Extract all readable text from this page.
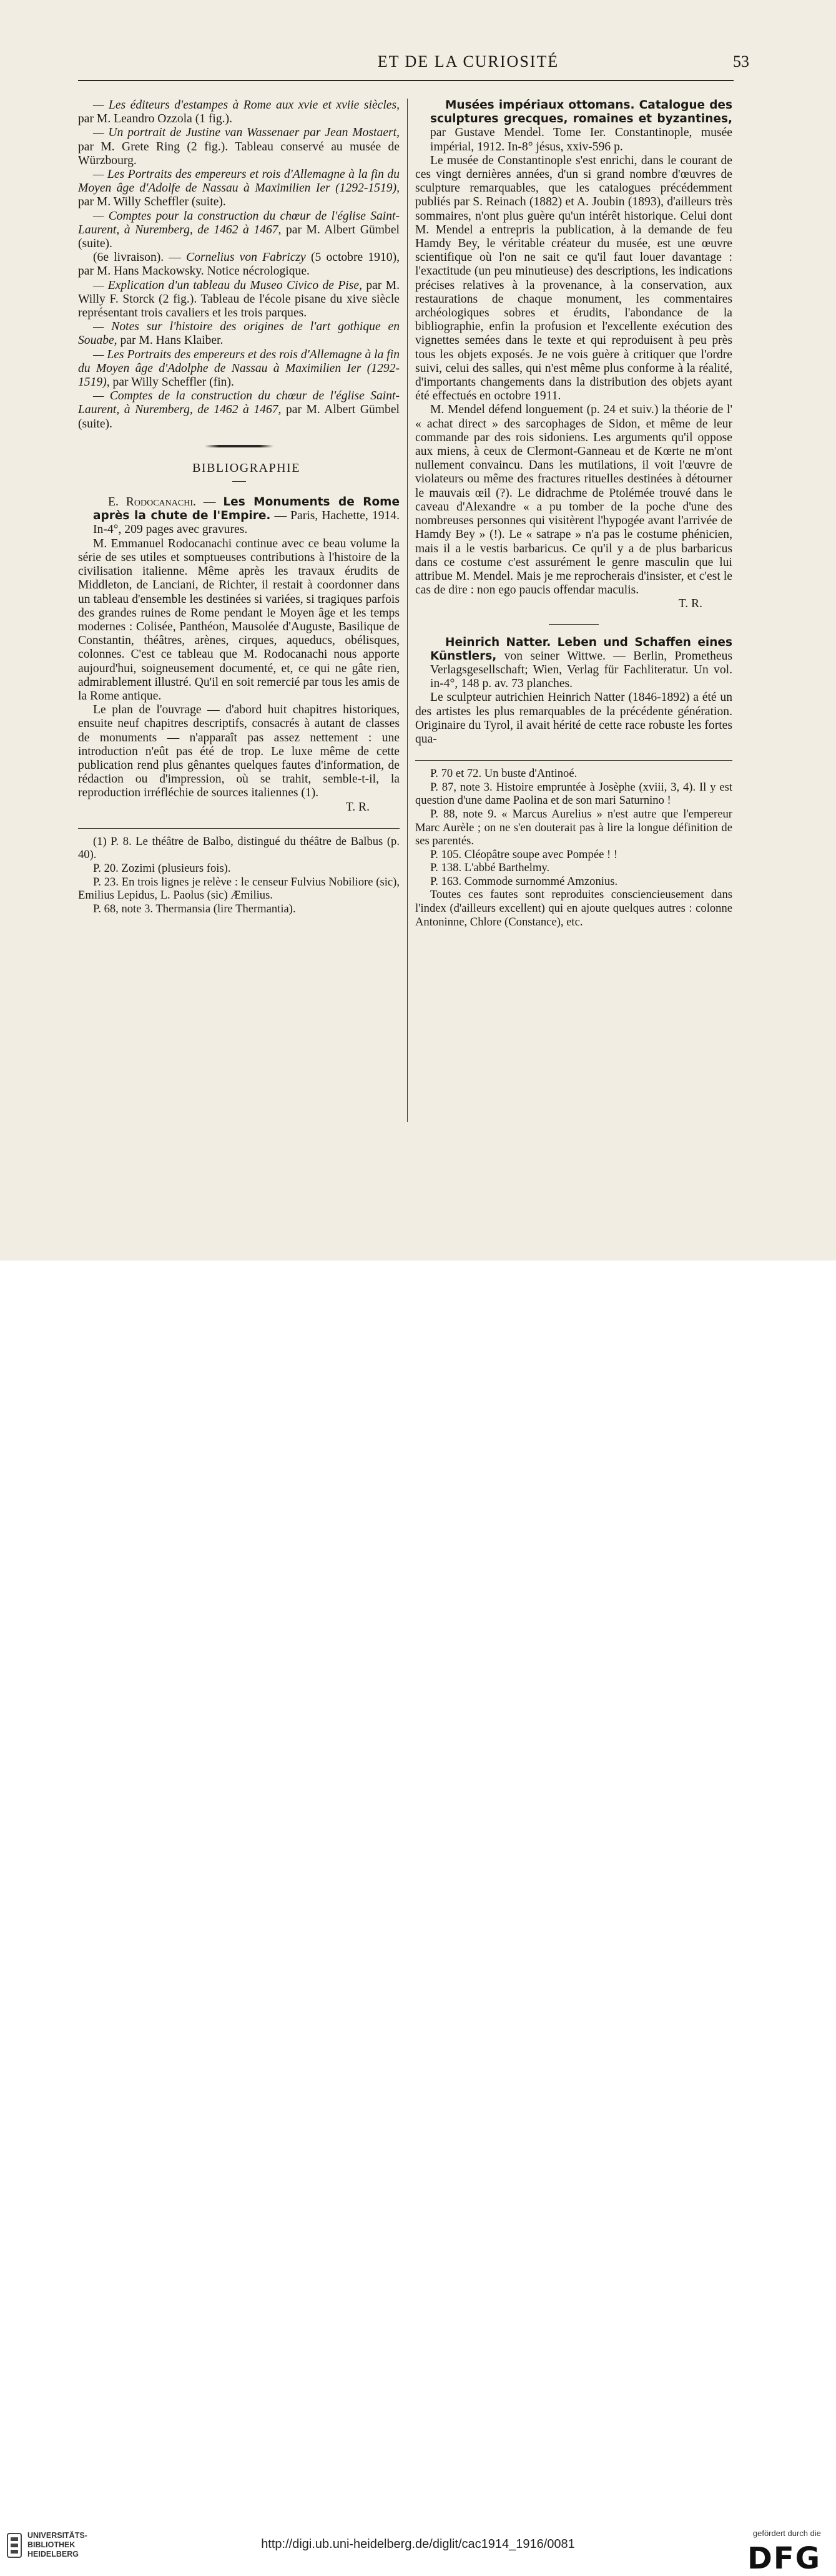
ET DE LA CURIOSITÉ	53

— Les éditeurs d'estampes à Rome aux xvie et xviie siècles, par M. Leandro Ozzola (1 fig.).

— Un portrait de Justine van Wassenaer par Jean Mostaert, par M. Grete Ring (2 fig.). Tableau conservé au musée de Würzbourg.

— Les Portraits des empereurs et rois d'Allemagne à la fin du Moyen âge d'Adolfe de Nassau à Maximilien Ier (1292-1519), par M. Willy Scheffler (suite).

— Comptes pour la construction du chœur de l'église Saint-Laurent, à Nuremberg, de 1462 à 1467, par M. Albert Gümbel (suite).

(6e livraison). — Cornelius von Fabriczy (5 octobre 1910), par M. Hans Mackowsky. Notice nécrologique.

— Explication d'un tableau du Museo Civico de Pise, par M. Willy F. Storck (2 fig.). Tableau de l'école pisane du xive siècle représentant trois cavaliers et les trois parques.

— Notes sur l'histoire des origines de l'art gothique en Souabe, par M. Hans Klaiber.

— Les Portraits des empereurs et des rois d'Allemagne à la fin du Moyen âge d'Adolphe de Nassau à Maximilien Ier (1292-1519), par Willy Scheffler (fin).

— Comptes de la construction du chœur de l'église Saint-Laurent, à Nuremberg, de 1462 à 1467, par M. Albert Gümbel (suite).

BIBLIOGRAPHIE

E. Rodocanachi. — Les Monuments de Rome après la chute de l'Empire. — Paris, Hachette, 1914. In-4°, 209 pages avec gravures.

M. Emmanuel Rodocanachi continue avec ce beau volume la série de ses utiles et somptueuses contributions à l'histoire de la civilisation italienne. Même après les travaux érudits de Middleton, de Lanciani, de Richter, il restait à coordonner dans un tableau d'ensemble les destinées si variées, si tragiques parfois des grandes ruines de Rome pendant le Moyen âge et les temps modernes : Colisée, Panthéon, Mausolée d'Auguste, Basilique de Constantin, théâtres, arènes, cirques, aqueducs, obélisques, colonnes. C'est ce tableau que M. Rodocanachi nous apporte aujourd'hui, soigneusement documenté, et, ce qui ne gâte rien, admirablement illustré. Qu'il en soit remercié par tous les amis de la Rome antique.

Le plan de l'ouvrage — d'abord huit chapitres historiques, ensuite neuf chapitres descriptifs, consacrés à autant de classes de monuments — n'apparaît pas assez nettement : une introduction n'eût pas été de trop. Le luxe même de cette publication rend plus gênantes quelques fautes d'information, de rédaction ou d'impression, où se trahit, semble-t-il, la reproduction irréfléchie de sources italiennes (1).

T. R.

(1) P. 8. Le théâtre de Balbo, distingué du théâtre de Balbus (p. 40).

P. 20. Zozimi (plusieurs fois).

P. 23. En trois lignes je relève : le censeur Fulvius Nobiliore (sic), Emilius Lepidus, L. Paolus (sic) Æmilius.

P. 68, note 3. Thermansia (lire Thermantia).

Musées impériaux ottomans. Catalogue des sculptures grecques, romaines et byzantines, par Gustave Mendel. Tome Ier. Constantinople, musée impérial, 1912. In-8° jésus, xxiv-596 p.

Le musée de Constantinople s'est enrichi, dans le courant de ces vingt dernières années, d'un si grand nombre d'œuvres de sculpture remarquables, que les catalogues précédemment publiés par S. Reinach (1882) et A. Joubin (1893), d'ailleurs très sommaires, n'ont plus guère qu'un intérêt historique. Celui dont M. Mendel a entrepris la publication, à la demande de feu Hamdy Bey, le véritable créateur du musée, est une œuvre scientifique où l'on ne sait ce qu'il faut louer davantage : l'exactitude (un peu minutieuse) des descriptions, les indications précises relatives à la provenance, à la conservation, aux restaurations de chaque monument, les commentaires archéologiques sobres et érudits, l'abondance de la bibliographie, enfin la profusion et l'excellente exécution des vignettes semées dans le texte et qui reproduisent à peu près tous les objets exposés. Je ne vois guère à critiquer que l'ordre suivi, celui des salles, qui n'est même plus conforme à la réalité, d'importants changements dans la distribution des objets ayant été effectués en octobre 1911.

M. Mendel défend longuement (p. 24 et suiv.) la théorie de l' « achat direct » des sarcophages de Sidon, et même de leur commande par des rois sidoniens. Les arguments qu'il oppose aux miens, à ceux de Clermont-Ganneau et de Kœrte ne m'ont nullement convaincu. Dans les mutilations, il voit l'œuvre de violateurs ou même des fractures rituelles destinées à détourner le mauvais œil (?). Le didrachme de Ptolémée trouvé dans le caveau d'Alexandre « a pu tomber de la poche d'une des nombreuses personnes qui visitèrent l'hypogée avant l'arrivée de Hamdy Bey » (!). Le « satrape » n'a pas le costume phénicien, mais il a le vestis barbaricus. Ce qu'il y a de plus barbaricus dans ce costume c'est assurément le genre masculin que lui attribue M. Mendel. Mais je me reprocherais d'insister, et c'est le cas de dire : non ego paucis offendar maculis.

T. R.

Heinrich Natter. Leben und Schaffen eines Künstlers, von seiner Wittwe. — Berlin, Prometheus Verlagsgesellschaft; Wien, Verlag für Fachliteratur. Un vol. in-4°, 148 p. av. 73 planches.

Le sculpteur autrichien Heinrich Natter (1846-1892) a été un des artistes les plus remarquables de la précédente génération. Originaire du Tyrol, il avait hérité de cette race robuste les fortes qua-

P. 70 et 72. Un buste d'Antinoé.

P. 87, note 3. Histoire empruntée à Josèphe (xviii, 3, 4). Il y est question d'une dame Paolina et de son mari Saturnino !

P. 88, note 9. « Marcus Aurelius » n'est autre que l'empereur Marc Aurèle ; on ne s'en douterait pas à lire la longue définition de ses parentés.

P. 105. Cléopâtre soupe avec Pompée ! !

P. 138. L'abbé Barthelmy.

P. 163. Commode surnommé Amzonius.

Toutes ces fautes sont reproduites consciencieusement dans l'index (d'ailleurs excellent) qui en ajoute quelques autres : colonne Antoninne, Chlore (Constance), etc.

UNIVERSITÄTS-
BIBLIOTHEK
HEIDELBERG
http://digi.ub.uni-heidelberg.de/diglit/cac1914_1916/0081
gefördert durch die
DFG
